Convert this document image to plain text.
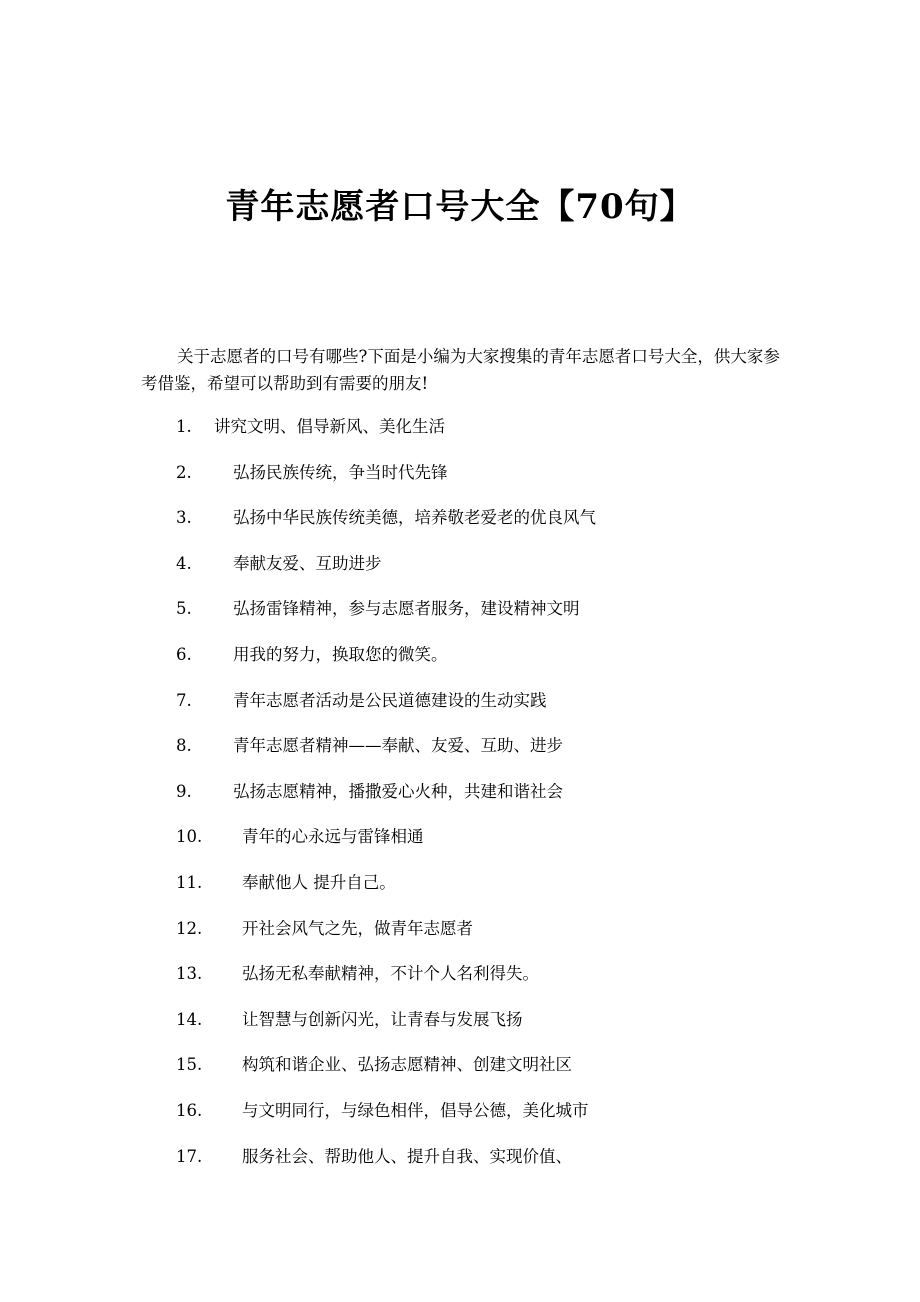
青年志愿者口号大全【70句】

关于志愿者的口号有哪些?下面是小编为大家搜集的青年志愿者口号大全，供大家参考借鉴，希望可以帮助到有需要的朋友!

1. 讲究文明、倡导新风、美化生活
2.	弘扬民族传统，争当时代先锋
3.	弘扬中华民族传统美德，培养敬老爱老的优良风气
4.	奉献友爱、互助进步
5.	弘扬雷锋精神，参与志愿者服务，建设精神文明
6.	用我的努力，换取您的微笑。
7.	青年志愿者活动是公民道德建设的生动实践
8.	青年志愿者精神——奉献、友爱、互助、进步
9.	弘扬志愿精神，播撒爱心火种，共建和谐社会
10. 青年的心永远与雷锋相通
11. 奉献他人 提升自己。
12. 开社会风气之先，做青年志愿者
13. 弘扬无私奉献精神，不计个人名利得失。
14. 让智慧与创新闪光，让青春与发展飞扬
15. 构筑和谐企业、弘扬志愿精神、创建文明社区
16. 与文明同行，与绿色相伴，倡导公德，美化城市
17. 服务社会、帮助他人、提升自我、实现价值、
